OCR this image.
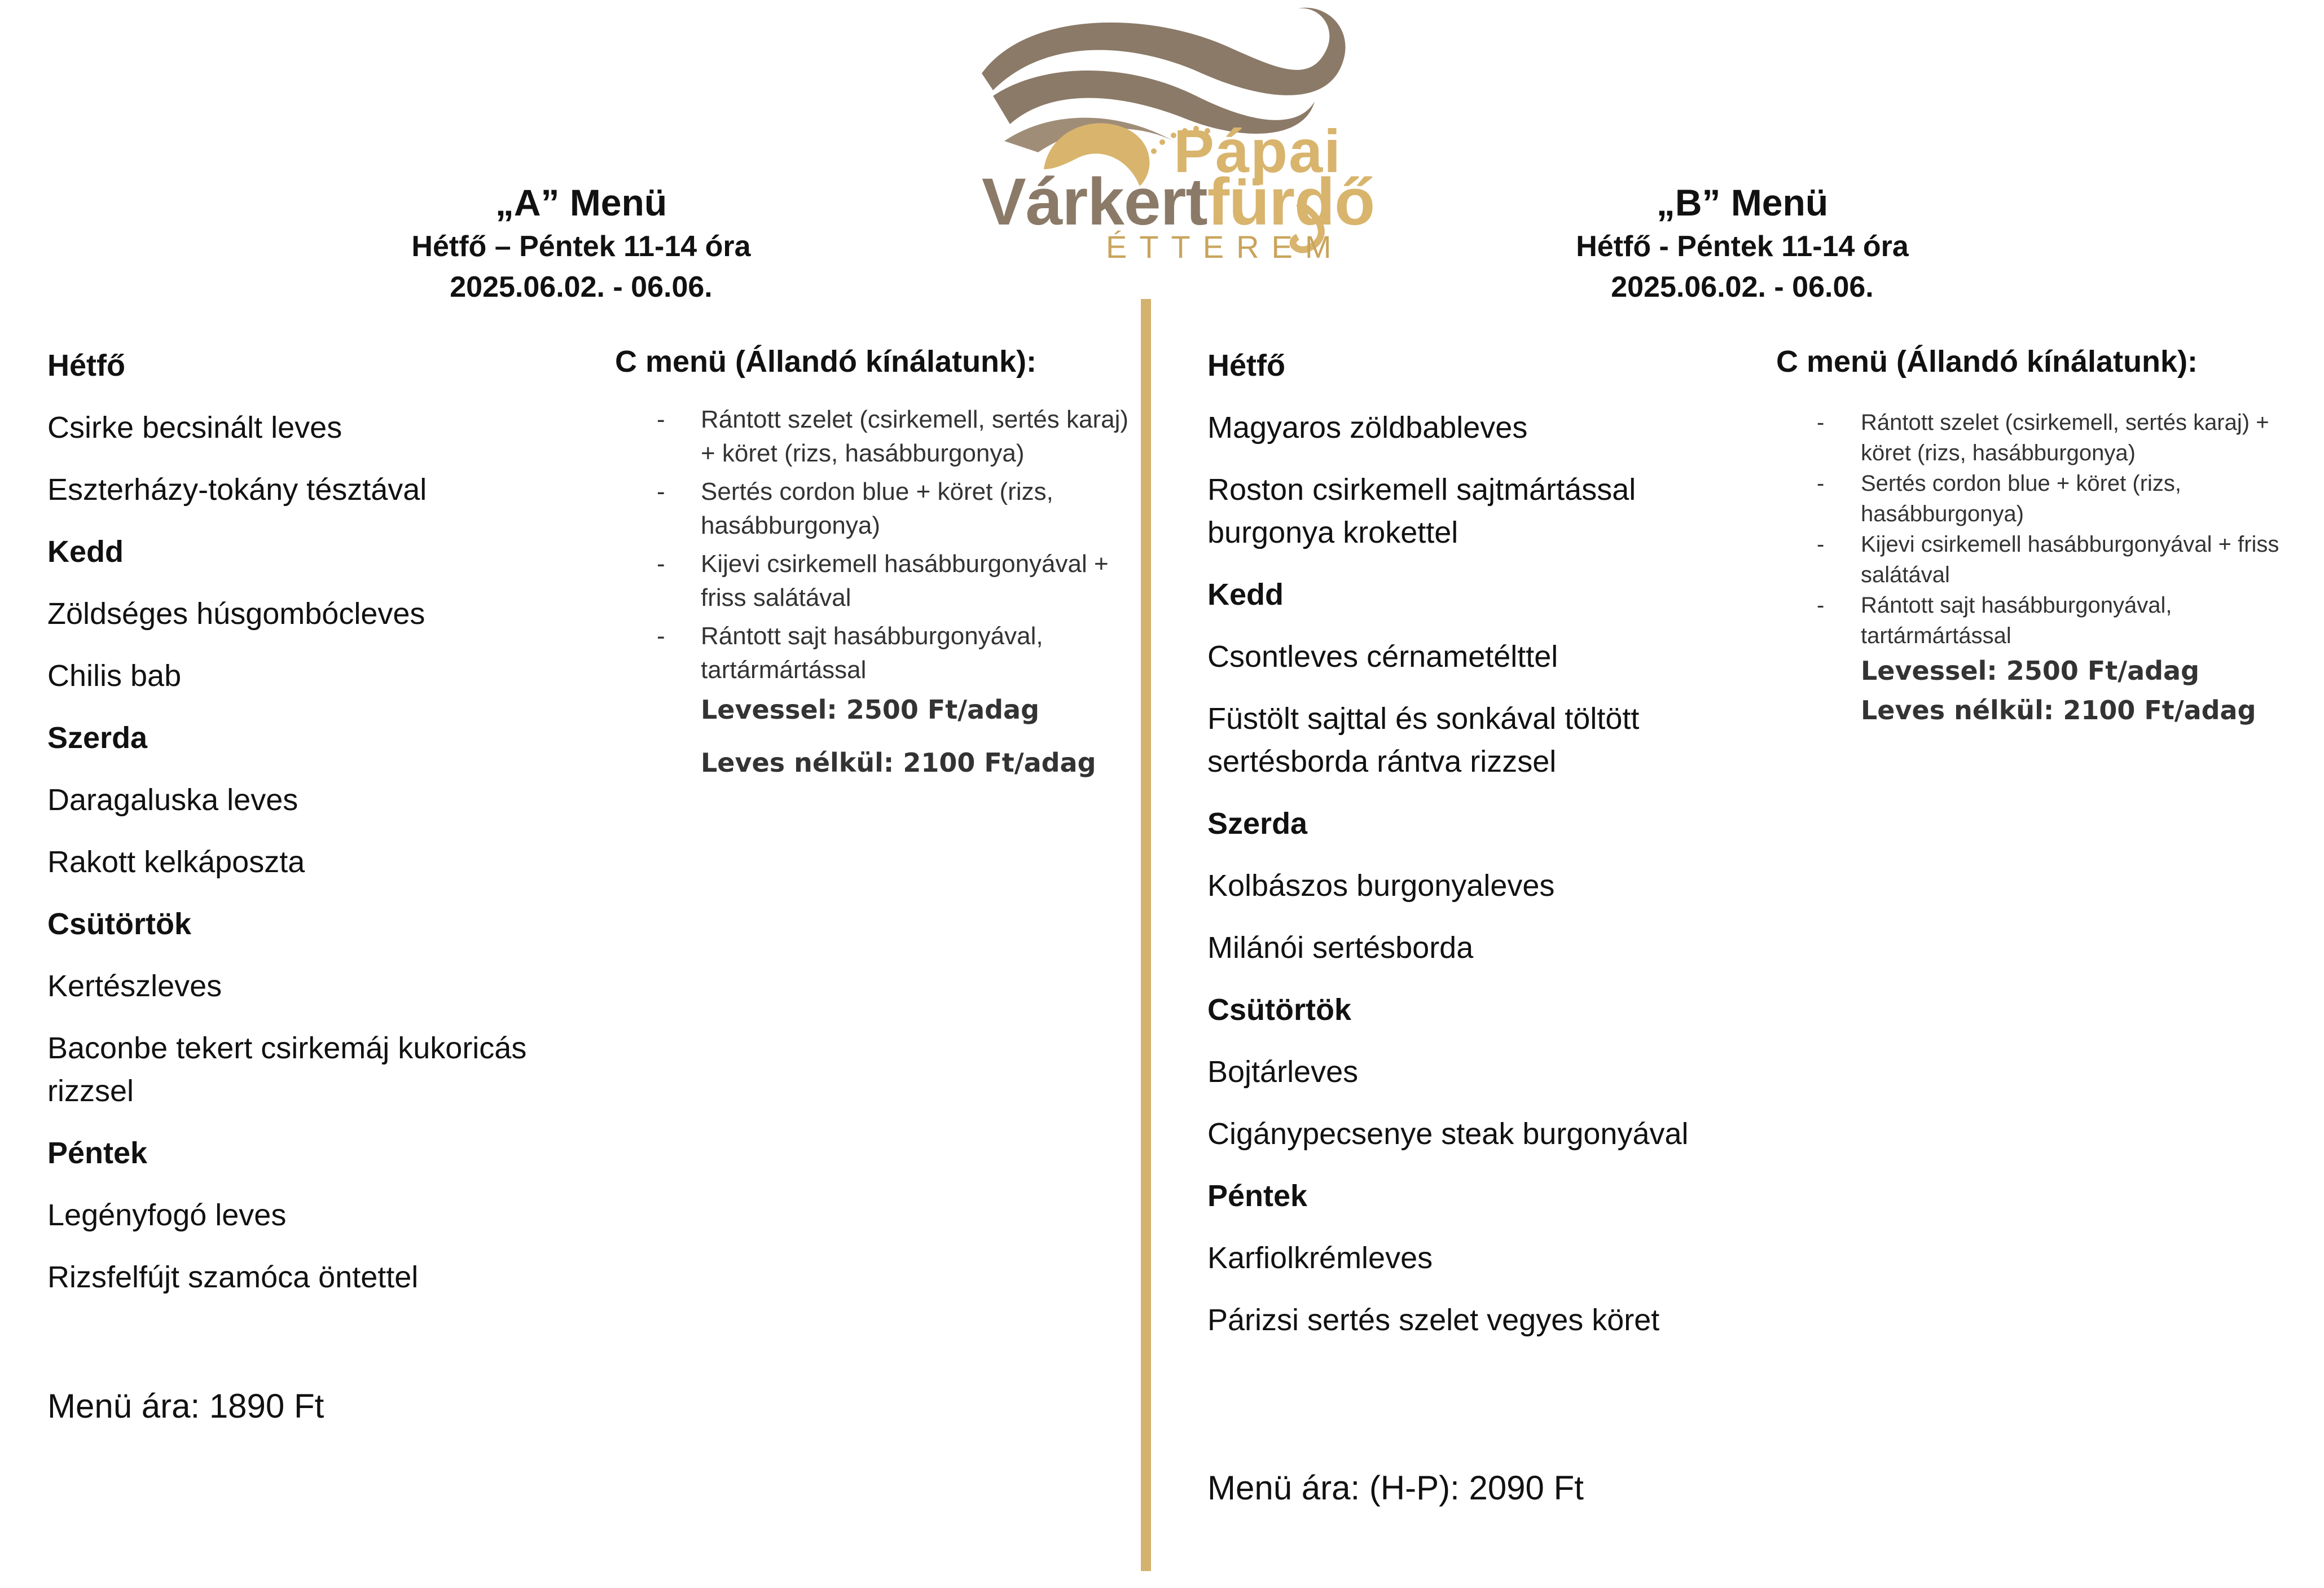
Pápai
Várkertfürdő
ÉTTEREM
„A” Menü
Hétfő – Péntek 11-14 óra
2025.06.02. - 06.06.
„B” Menü
Hétfő - Péntek 11-14 óra
2025.06.02. - 06.06.

Hétfő

Csirke becsinált leves

Eszterházy-tokány tésztával

Kedd

Zöldséges húsgombócleves

Chilis bab

Szerda

Daragaluska leves

Rakott kelkáposzta

Csütörtök

Kertészleves

Baconbe tekert csirkemáj kukoricás rizzsel

Péntek

Legényfogó leves

Rizsfelfújt szamóca öntettel

Menü ára: 1890 Ft

C menü (Állandó kínálatunk):

- Rántott szelet (csirkemell, sertés karaj) + köret (rizs, hasábburgonya)
- Sertés cordon blue + köret (rizs, hasábburgonya)
- Kijevi csirkemell hasábburgonyával + friss salátával
- Rántott sajt hasábburgonyával, tartármártással
Levessel: 2500 Ft/adag
Leves nélkül: 2100 Ft/adag

Hétfő

Magyaros zöldbableves

Roston csirkemell sajtmártással burgonya krokettel

Kedd

Csontleves cérnametélttel

Füstölt sajttal és sonkával töltött sertésborda rántva rizzsel

Szerda

Kolbászos burgonyaleves

Milánói sertésborda

Csütörtök

Bojtárleves

Cigánypecsenye steak burgonyával

Péntek

Karfiolkrémleves

Párizsi sertés szelet vegyes köret

Menü ára: (H-P): 2090 Ft

C menü (Állandó kínálatunk):

- Rántott szelet (csirkemell, sertés karaj) + köret (rizs, hasábburgonya)
- Sertés cordon blue + köret (rizs, hasábburgonya)
- Kijevi csirkemell hasábburgonyával + friss salátával
- Rántott sajt hasábburgonyával, tartármártással
Levessel: 2500 Ft/adag
Leves nélkül: 2100 Ft/adag
